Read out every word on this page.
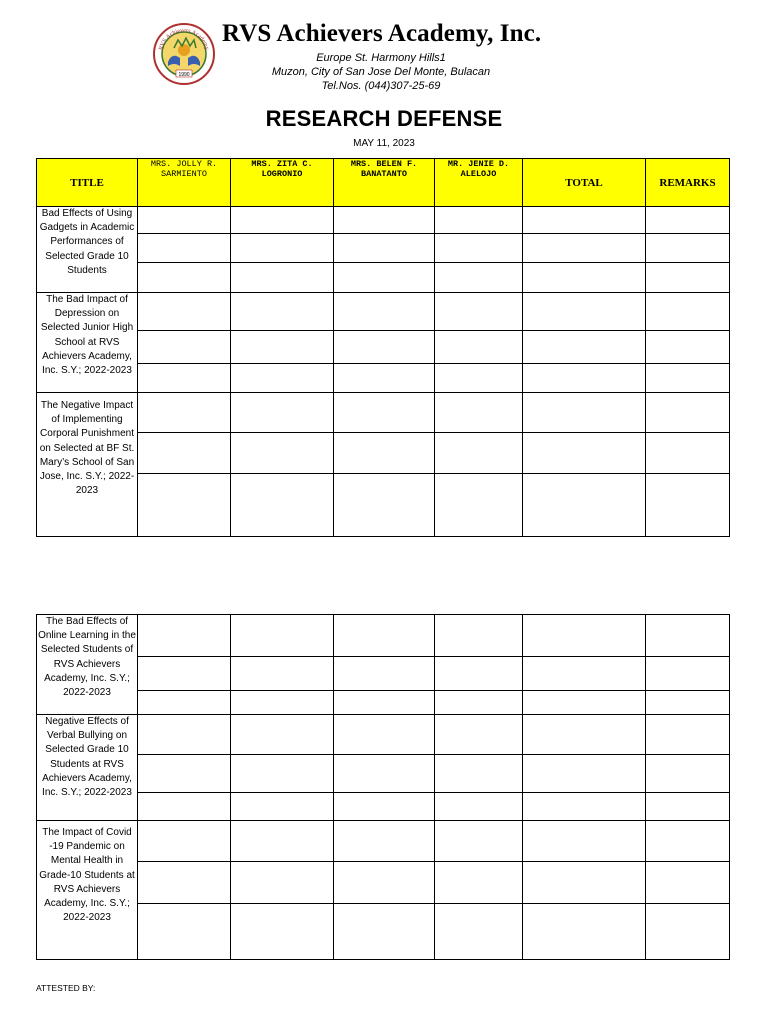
RVS Achievers Academy
1990
RVS Achievers Academy, Inc.
Europe St. Harmony Hills1
Muzon, City of San Jose Del Monte, Bulacan
Tel.Nos. (044)307-25-69
RESEARCH DEFENSE
MAY 11, 2023
TITLE	MRS. JOLLY R. SARMIENTO	MRS. ZITA C. LOGRONIO	MRS. BELEN F. BANATANTO	MR. JENIE D. ALELOJO	TOTAL	REMARKS
Bad Effects of Using Gadgets in Academic Performances of Selected Grade 10 Students						

The Bad Impact of Depression on Selected Junior High School at RVS Achievers Academy, Inc. S.Y.; 2022-2023						

The Negative Impact of Implementing Corporal Punishment on Selected at BF St. Mary’s School of San Jose, Inc. S.Y.; 2022-2023						

The Bad Effects of Online Learning in the Selected Students of RVS Achievers Academy, Inc. S.Y.; 2022-2023						

Negative Effects of Verbal Bullying on Selected Grade 10 Students at RVS Achievers Academy, Inc. S.Y.; 2022-2023						

The Impact of Covid -19 Pandemic on Mental Health in Grade-10 Students at RVS Achievers Academy, Inc. S.Y.; 2022-2023						

ATTESTED BY:
